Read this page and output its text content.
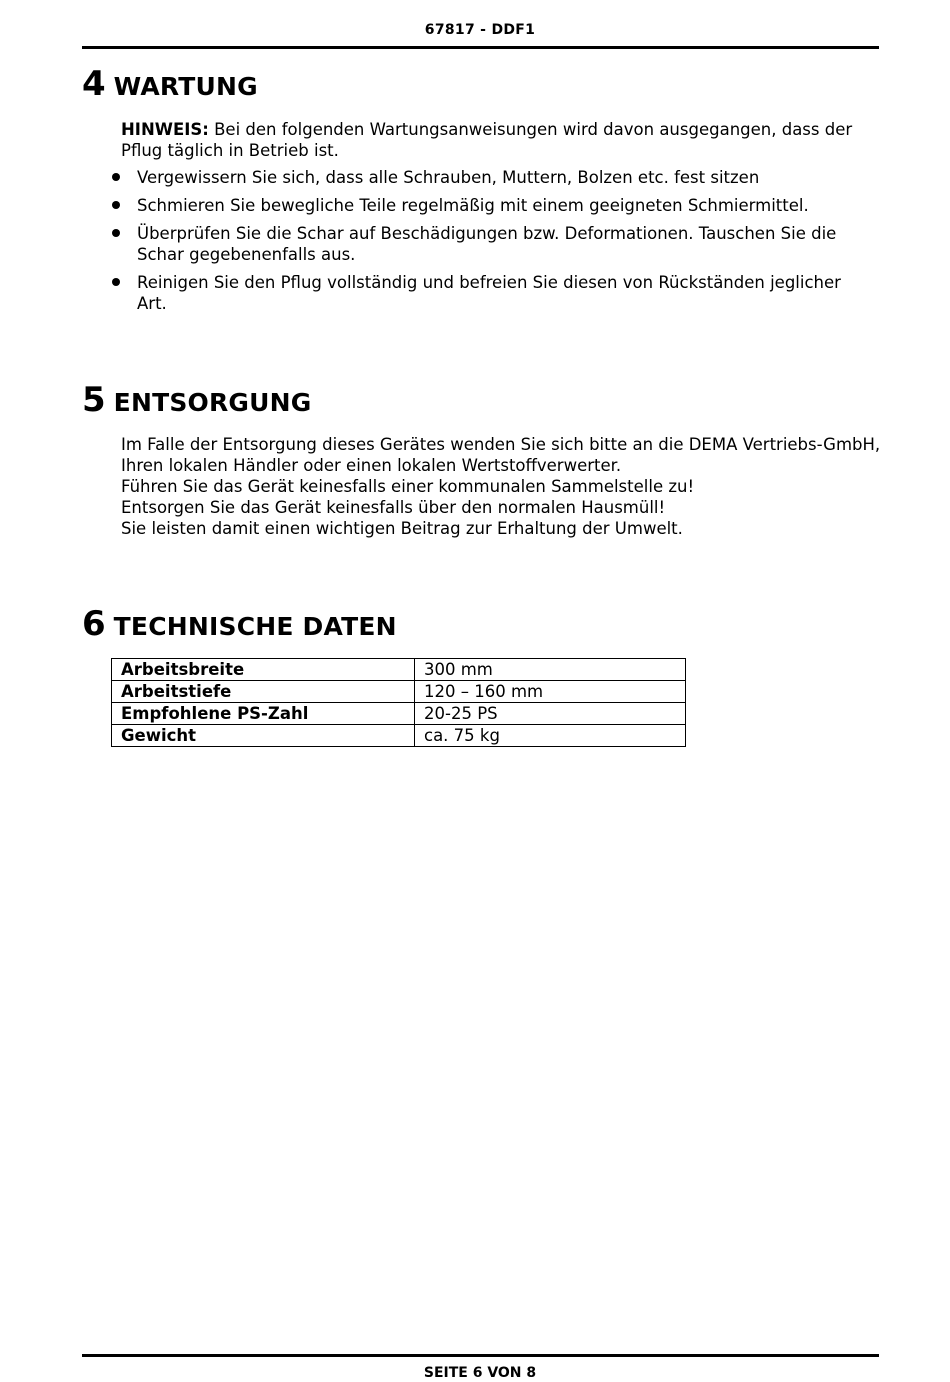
67817 - DDF1
4 WARTUNG
HINWEIS: Bei den folgenden Wartungsanweisungen wird davon ausgegangen, dass der Pflug täglich in Betrieb ist.
Vergewissern Sie sich, dass alle Schrauben, Muttern, Bolzen etc. fest sitzen
Schmieren Sie bewegliche Teile regelmäßig mit einem geeigneten Schmiermittel.
Überprüfen Sie die Schar auf Beschädigungen bzw. Deformationen. Tauschen Sie die Schar gegebenenfalls aus.
Reinigen Sie den Pflug vollständig und befreien Sie diesen von Rückständen jeglicher Art.
5 ENTSORGUNG
Im Falle der Entsorgung dieses Gerätes wenden Sie sich bitte an die DEMA Vertriebs-GmbH, Ihren lokalen Händler oder einen lokalen Wertstoffverwerter.
Führen Sie das Gerät keinesfalls einer kommunalen Sammelstelle zu!
Entsorgen Sie das Gerät keinesfalls über den normalen Hausmüll!
Sie leisten damit einen wichtigen Beitrag zur Erhaltung der Umwelt.
6 TECHNISCHE DATEN
Arbeitsbreite	300 mm
Arbeitstiefe	120 – 160 mm
Empfohlene PS-Zahl	20-25 PS
Gewicht	ca. 75 kg
SEITE 6 VON 8
